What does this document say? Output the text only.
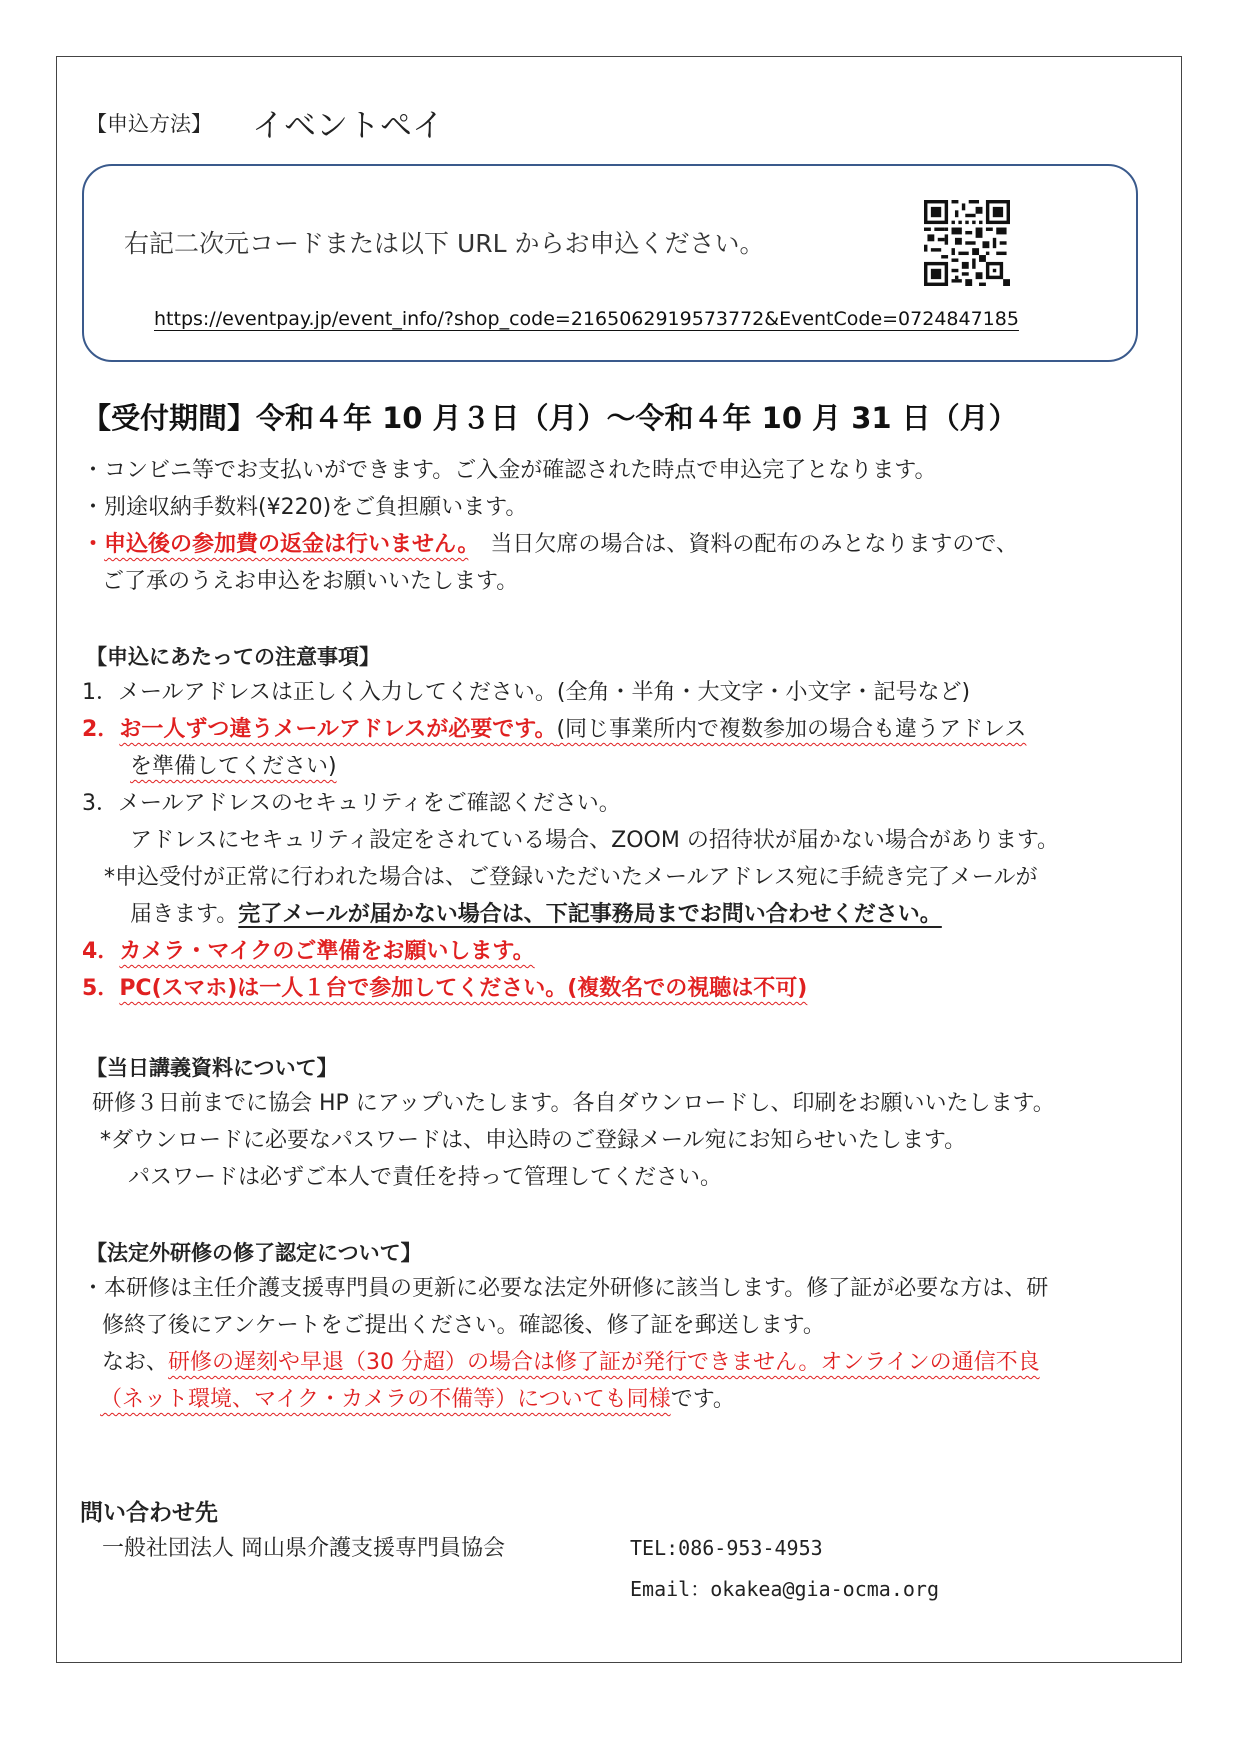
【申込方法】 イベントペイ
右記二次元コードまたは以下 URL からお申込ください。
https://eventpay.jp/event_info/?shop_code=2165062919573772&EventCode=0724847185
【受付期間】令和４年 10 月３日（月）～令和４年 10 月 31 日（月）
・コンビニ等でお支払いができます。ご入金が確認された時点で申込完了となります。
・別途収納手数料(¥220)をご負担願います。
・申込後の参加費の返金は行いません。　当日欠席の場合は、資料の配布のみとなりますので、
ご了承のうえお申込をお願いいたします。
【申込にあたっての注意事項】
1．メールアドレスは正しく入力してください。(全角・半角・大文字・小文字・記号など)
2．お一人ずつ違うメールアドレスが必要です。(同じ事業所内で複数参加の場合も違うアドレス
を準備してください)
3．メールアドレスのセキュリティをご確認ください。
アドレスにセキュリティ設定をされている場合、ZOOM の招待状が届かない場合があります。
*申込受付が正常に行われた場合は、ご登録いただいたメールアドレス宛に手続き完了メールが
届きます。完了メールが届かない場合は、下記事務局までお問い合わせください。
4．カメラ・マイクのご準備をお願いします。
5．PC(スマホ)は一人１台で参加してください。(複数名での視聴は不可)
【当日講義資料について】
研修３日前までに協会 HP にアップいたします。各自ダウンロードし、印刷をお願いいたします。
*ダウンロードに必要なパスワードは、申込時のご登録メール宛にお知らせいたします。
パスワードは必ずご本人で責任を持って管理してください。
【法定外研修の修了認定について】
・本研修は主任介護支援専門員の更新に必要な法定外研修に該当します。修了証が必要な方は、研
修終了後にアンケートをご提出ください。確認後、修了証を郵送します。
なお、研修の遅刻や早退（30 分超）の場合は修了証が発行できません。オンラインの通信不良
（ネット環境、マイク・カメラの不備等）についても同様です。
問い合わせ先
一般社団法人 岡山県介護支援専門員協会	TEL:086-953-4953
Email：okakea@gia-ocma.org
